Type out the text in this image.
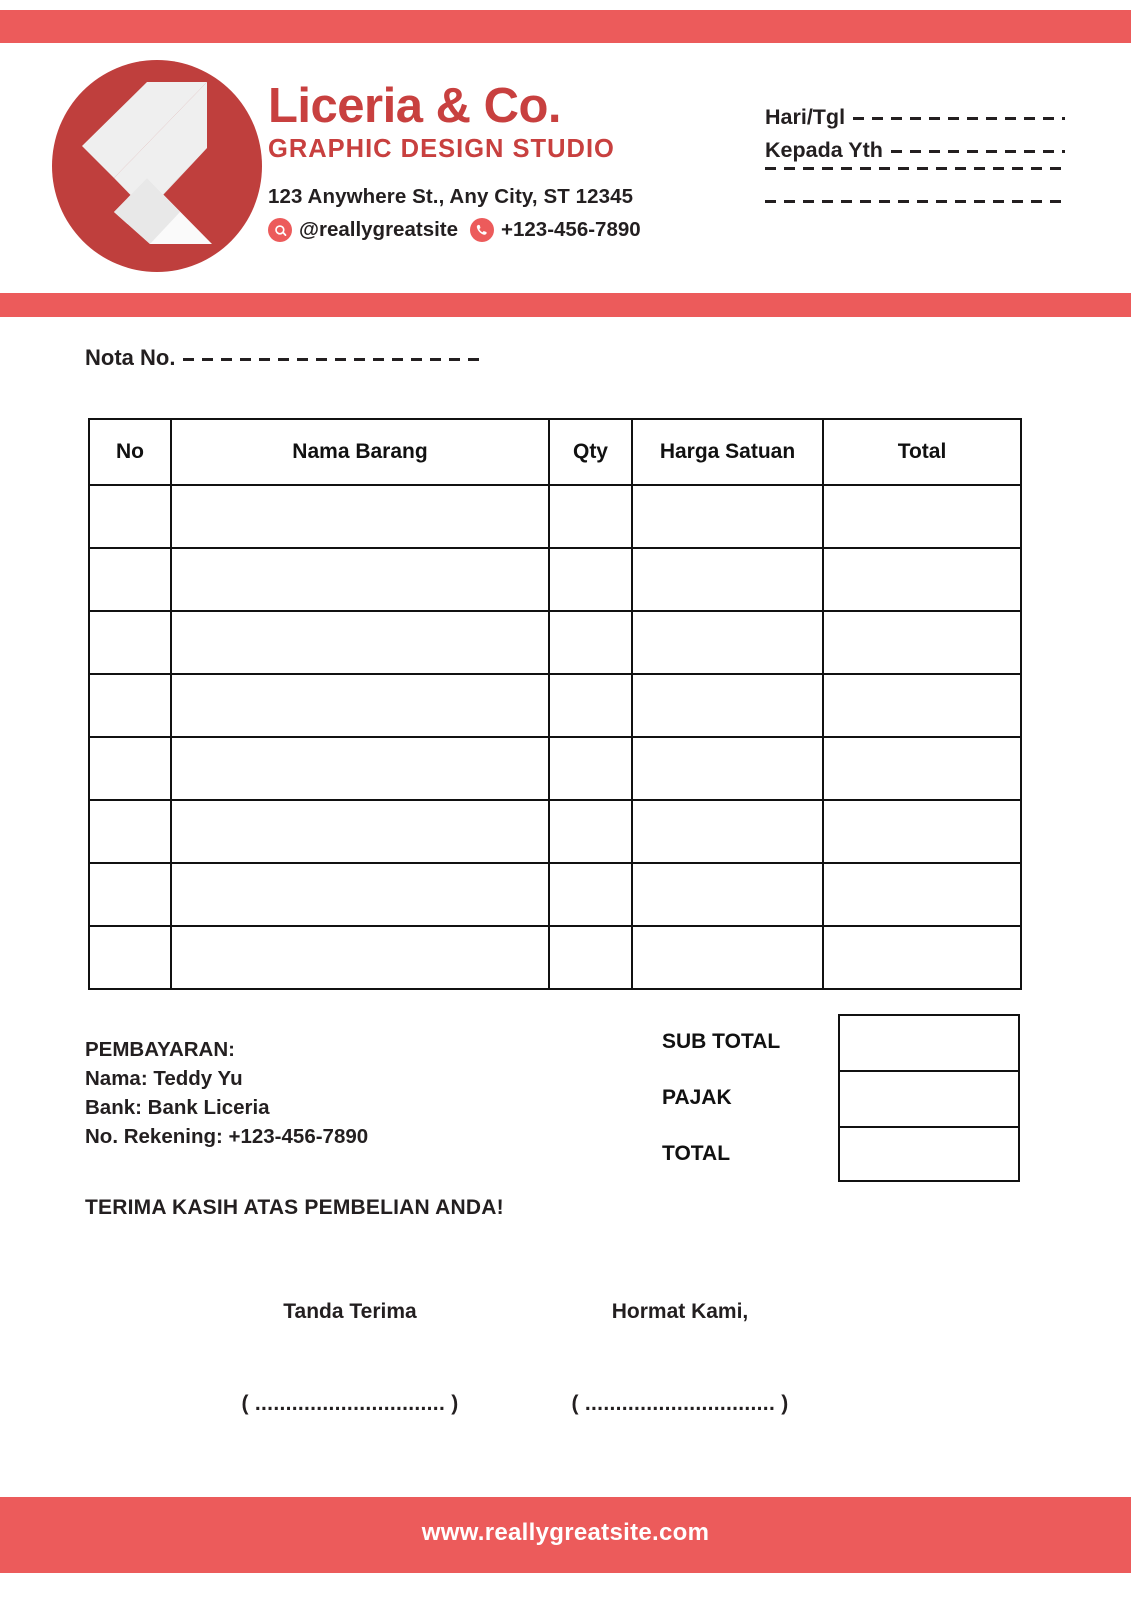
Liceria & Co.
GRAPHIC DESIGN STUDIO
123 Anywhere St., Any City, ST 12345
@reallygreatsite +123-456-7890
Hari/Tgl
Kepada Yth
Nota No.
No	Nama Barang	Qty	Harga Satuan	Total

PEMBAYARAN:
Nama: Teddy Yu
Bank: Bank Liceria
No. Rekening: +123-456-7890
SUB TOTAL
PAJAK
TOTAL
TERIMA KASIH ATAS PEMBELIAN ANDA!
Tanda Terima
( ............................... )
Hormat Kami,
( ............................... )
www.reallygreatsite.com
